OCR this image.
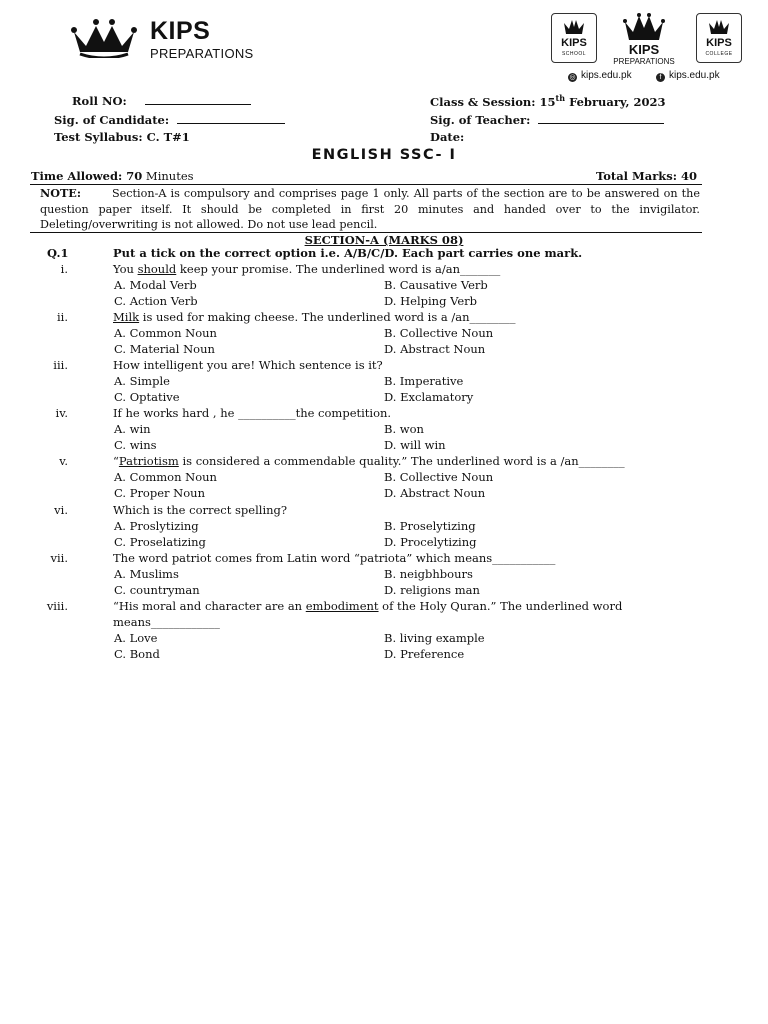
KIPS
PREPARATIONS
KIPS
SCHOOL	KIPS
PREPARATIONS
KIPS
COLLEGE
◎ kips.edu.pk	f kips.edu.pk
Roll NO:	Class & Session: 15th February, 2023
Sig. of Candidate:	Sig. of Teacher:
Test Syllabus: C. T#1	Date:
ENGLISH SSC- I
Time Allowed: 70 Minutes	Total Marks: 40
NOTE:	Section-A is compulsory and comprises page 1 only. All parts of the section are to be answered on the question paper itself. It should be completed in first 20 minutes and handed over to the invigilator. Deleting/overwriting is not allowed. Do not use lead pencil.
SECTION-A (MARKS 08)
Q.1	Put a tick on the correct option i.e. A/B/C/D. Each part carries one mark.
i.	You should keep your promise. The underlined word is a/an_______
A. Modal Verb	B. Causative Verb
C. Action Verb	D. Helping Verb
ii.	Milk is used for making cheese. The underlined word is a /an________
A. Common Noun	B. Collective Noun
C. Material Noun	D. Abstract Noun
iii.	How intelligent you are! Which sentence is it?
A. Simple	B. Imperative
C. Optative	D. Exclamatory
iv.	If he works hard , he __________the competition.
A. win	B. won
C. wins	D. will win
v.	“Patriotism is considered a commendable quality.” The underlined word is a /an________
A. Common Noun	B. Collective Noun
C. Proper Noun	D. Abstract Noun
vi.	Which is the correct spelling?
A. Proslytizing	B. Proselytizing
C. Proselatizing	D. Procelytizing
vii.	The word patriot comes from Latin word “patriota” which means___________
A. Muslims	B. neigbhbours
C. countryman	D. religions man
viii.	“His moral and character are an embodiment of the Holy Quran.” The underlined word
means____________
A. Love	B. living example
C. Bond	D. Preference
